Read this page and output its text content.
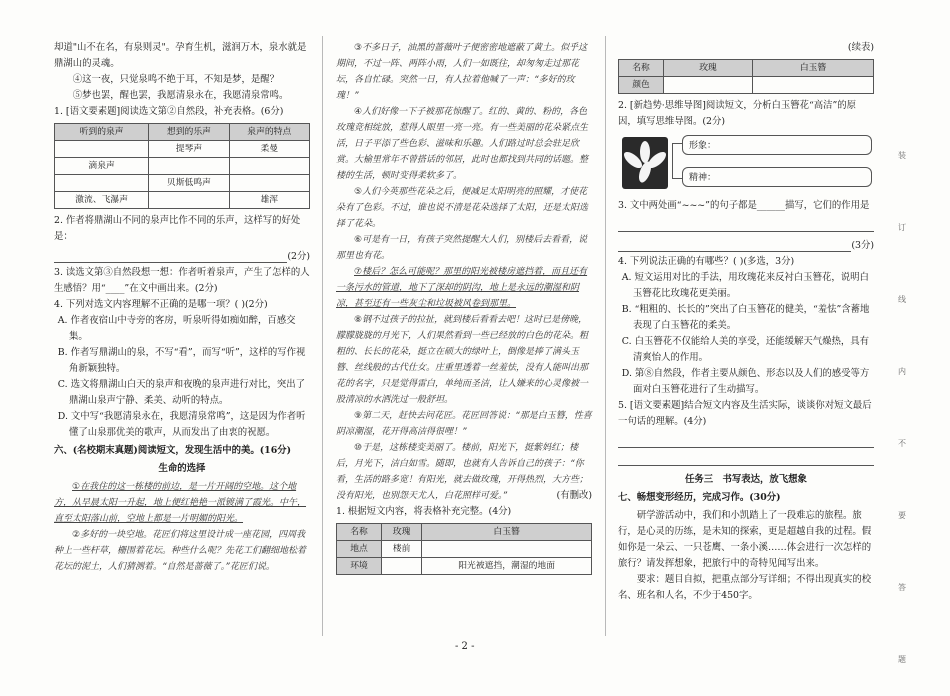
却道"山不在名，有泉则灵"。孕育生机，滋润万木，泉水就是鼎湖山的灵魂。

④这一夜，只觉泉鸣不绝于耳，不知是梦，是醒？

⑤梦也罢，醒也罢，我愿清泉永在，我愿清泉常鸣。

1. [语文要素题]阅读选文第②自然段，补充表格。(6分)

听到的泉声	想到的乐声	泉声的特点
	提琴声	柔曼
滴泉声		
	贝斯低鸣声	
激流、飞瀑声		雄浑

2. 作者将鼎湖山不同的泉声比作不同的乐声，这样写的好处是：

(2分)

3. 读选文第③自然段想一想：作者听着泉声，产生了怎样的人生感悟？用“____”在文中画出来。(2分)

4. 下列对选文内容理解不正确的是哪一项？( )(2分)

A. 作者夜宿山中寺旁的客房，听泉听得如痴如醉，百感交集。

B. 作者写鼎湖山的泉，不写“看”，而写“听”，这样的写作视角新颖独特。

C. 选文将鼎湖山白天的泉声和夜晚的泉声进行对比，突出了鼎湖山泉声宁静、柔美、动听的特点。

D. 文中写“我愿清泉永在，我愿清泉常鸣”，这是因为作者听懂了山泉那优美的歌声，从而发出了由衷的祝愿。

六、(名校期末真题)阅读短文，发现生活中的美。(16分)

生命的选择

①在我住的这一栋楼的前边，是一片开阔的空地。这个地方，从早晨太阳一升起，地上便红艳艳一派镀满了霞光。中午，直至太阳落山前，空地上都是一片明媚的阳光。

②多好的一块空地。花匠们将这里设计成一座花园，四周我种上一些杆草，栅围着花坛。种些什么呢？先花工们翻细地松着花坛的泥土，人们猜测着。“自然是蔷薇了。”花匠们说。

③不多日子，油黑的蔷薇叶子便密密地遮蔽了黄土。似乎这期间，不过一阵、两阵小雨，人们一如既往，却匆匆走过那花坛，各自忙碌。突然一日，有人拉着他喊了一声：“多好的玫瑰！”

④人们好像一下子被那花惊醒了。红的、黄的、粉的，各色玫瑰竞相绽放，惹得人眼里一亮一亮。有一些美丽的花朵紧点生活，日子平添了些色彩、滋味和乐趣。人们路过时总会驻足欣赏。大榆里常年不曾搭话的邻居，此时也都找到共同的话题。整楼的生活，顿时变得柔软多了。

⑤人们今英那些花朵之后，便减足太阳明亮的照耀，才使花朵有了色彩。不过，谁也说不清是花朵选择了太阳，还是太阳选择了花朵。

⑥可是有一日，有孩子突然提醒大人们，别楼后去看看，说那里也有花。

⑦楼后？怎么可能呢？那里的阳光被楼房遮挡着，而且还有一条污水的管道，地下了深却的阴沟，地上是永远的潮湿和阴凉，甚至还有一些灰尘和垃圾被风卷到那里。

⑧钢不过孩子的拉扯，就到楼后看看去吧！这时已是傍晚，朦朦胧胧的月光下，人们果然看到一些已经放的白色的花朵。粗粗的、长长的花朵，挺立在硕大的绿叶上，倒像是捧了满头玉簪、丝线般的古代仕女。庄重里透着一丝羞怯，没有人能叫出那花的名字，只是觉得雷白，单纯而圣洁，让人嫌来的心灵像被一股清凉的水洒洗过一般舒坦。

⑨第二天，赶快去问花匠。花匠回答说：“那是白玉簪，性喜阴凉潮湿，花开得高洁得很哩！”

⑩于是，这栋楼变美丽了。楼前，阳光下，挺紫妈红；楼后，月光下，洁白如雪。随即，也就有人告诉自己的孩子：“你看，生活的路多宽！有阳光，就去做玫瑰，开得热烈，大方些；没有阳光，也别怨天尤人，白花照样可爱。”	(有删改)

1. 根据短文内容，将表格补充完整。(4分)

名称	玫瑰	白玉簪
地点	楼前	
环境		阳光被遮挡，潮湿的地面

(续表)

名称	玫瑰	白玉簪
颜色		

2. [新趋势·思维导图]阅读短文，分析白玉簪花“高洁”的原因，填写思维导图。(2分)

形象：
精神：

3. 文中两处画“~~~”的句子都是______描写，它们的作用是

(3分)

4. 下列说法正确的有哪些？( )(多选，3分)

A. 短文运用对比的手法，用玫瑰花来反衬白玉簪花，说明白玉簪花比玫瑰花更美丽。

B. “粗粗的、长长的”突出了白玉簪花的健美，“羞怯”含蓄地表现了白玉簪花的柔美。

C. 白玉簪花不仅能给人美的享受，还能缓解天气燥热，具有清爽怡人的作用。

D. 第⑧自然段，作者主要从颜色、形态以及人们的感受等方面对白玉簪花进行了生动描写。

5. [语文要素题]结合短文内容及生活实际，谈谈你对短文最后一句话的理解。(4分)

任务三　书写表达，放飞想象

七、畅想变形经历，完成习作。(30分)

研学游活动中，我们和小凯踏上了一段难忘的旅程。旅行，是心灵的历练，是未知的探索，更是超越自我的过程。假如你是一朵云、一只苍鹰、一条小溪……体会进行一次怎样的旅行？请发挥想象，把旅行中的奇特见闻写出来。

要求：题目自拟，把重点部分写详细；不得出现真实的校名、班名和人名，不少于450字。

装
订
线
内
不
要
答
题
- 2 -
